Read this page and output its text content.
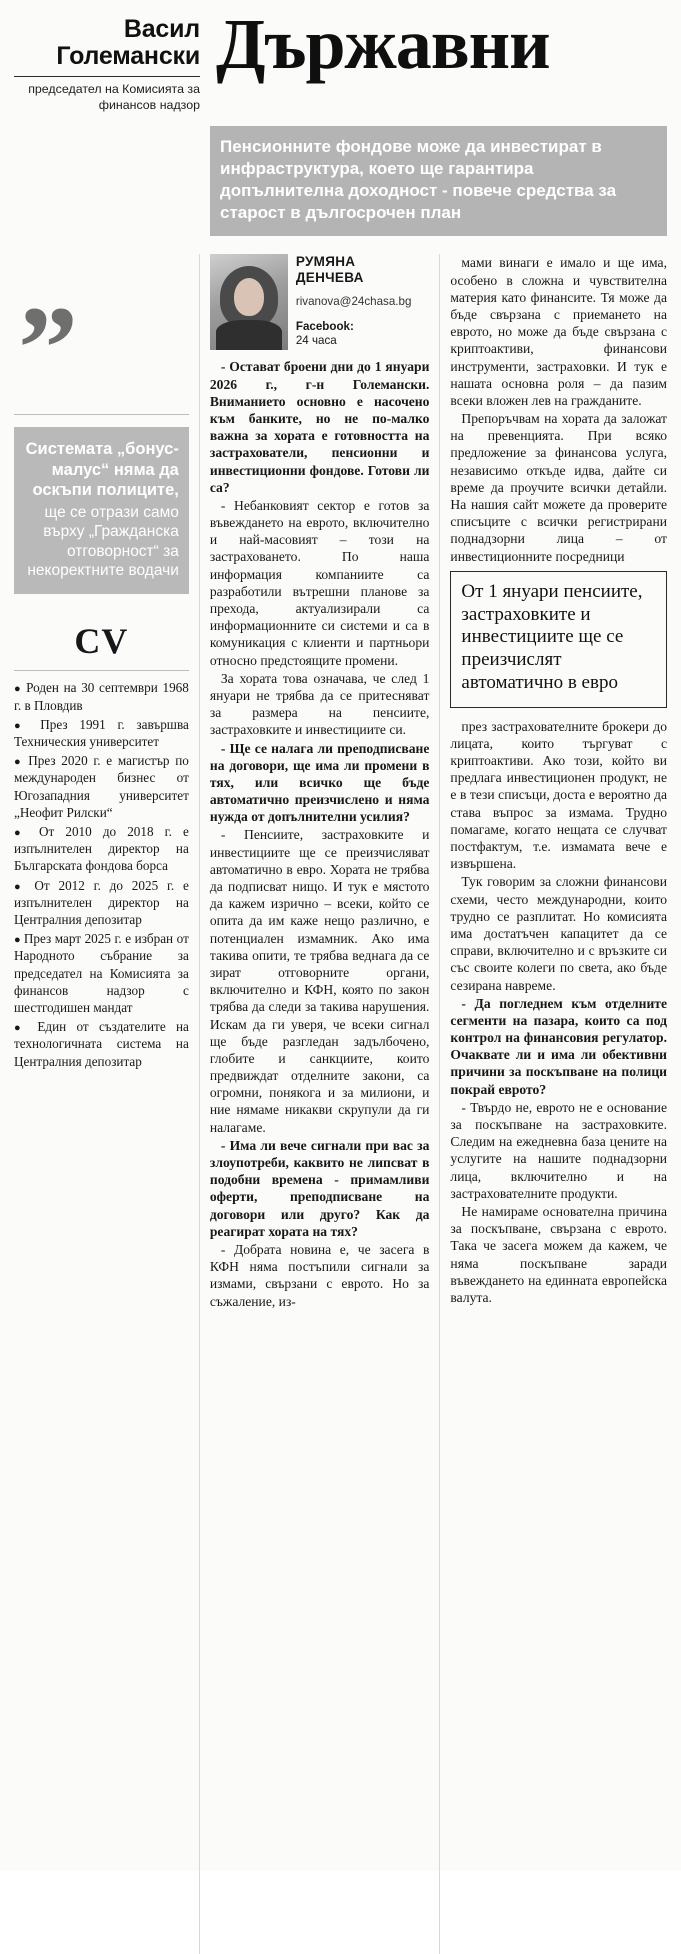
Васил
Големански
председател на Комисията за финансов надзор
Държавни
Пенсионните фондове може да инвестират в инфраструктура, което ще гарантира допълнителна доходност - повече средства за старост в дългосрочен план
”
Системата „бонус-малус“ няма да оскъпи полиците,
ще се отрази само върху „Гражданска отговорност“ за некоректните водачи
CV
● Роден на 30 септември 1968 г. в Пловдив
● През 1991 г. завършва Техническия университет
● През 2020 г. е магистър по международен бизнес от Югозападния университет „Неофит Рилски“
● От 2010 до 2018 г. е изпълнителен директор на Българската фондова борса
● От 2012 г. до 2025 г. е изпълнителен директор на Централния депозитар
● През март 2025 г. е избран от Народното събрание за председател на Комисията за финансов надзор с шестгодишен мандат
● Един от създателите на технологичната система на Централния депозитар
РУМЯНА
ДЕНЧЕВА
rivanova@24chasa.bg
Facebook:
24 часа

- Остават броени дни до 1 януари 2026 г., г-н Големански. Вниманието основно е насочено към банките, но не по-малко важна за хората е готовността на застрахователи, пенсионни и инвестиционни фондове. Готови ли са?

- Небанковият сектор е готов за въвеждането на еврото, включително и най-масовият – този на застраховането. По наша информация компаниите са разработили вътрешни планове за прехода, актуализирали са информационните си системи и са в комуникация с клиенти и партньори относно предстоящите промени.

За хората това означава, че след 1 януари не трябва да се притесняват за размера на пенсиите, застраховките и инвестициите си.

- Ще се налага ли преподписване на договори, ще има ли промени в тях, или всичко ще бъде автоматично преизчислено и няма нужда от допълнителни усилия?

- Пенсиите, застраховките и инвестициите ще се преизчисляват автоматично в евро. Хората не трябва да подписват нищо. И тук е мястото да кажем изрично – всеки, който се опита да им каже нещо различно, е потенциален измамник. Ако има такива опити, те трябва веднага да се зират отговорните органи, включително и КФН, която по закон трябва да следи за такива нарушения. Искам да ги уверя, че всеки сигнал ще бъде разгледан задълбочено, глобите и санкциите, които предвиждат отделните закони, са огромни, понякога и за милиони, и ние нямаме никакви скрупули да ги налагаме.

- Има ли вече сигнали при вас за злоупотреби, каквито не липсват в подобни времена - примамливи оферти, преподписване на договори или друго? Как да реагират хората на тях?

- Добрата новина е, че засега в КФН няма постъпили сигнали за измами, свързани с еврото. Но за съжаление, из-

мами винаги е имало и ще има, особено в сложна и чувствителна материя като финансите. Тя може да бъде свързана с приемането на еврото, но може да бъде свързана с криптоактиви, финансови инструменти, застраховки. И тук е нашата основна роля – да пазим всеки вложен лев на гражданите.

Препоръчвам на хората да заложат на превенцията. При всяко предложение за финансова услуга, независимо откъде идва, дайте си време да проучите всички детайли. На нашия сайт можете да проверите списъците с всички регистрирани поднадзорни лица – от инвестиционните посредници

От 1 януари пенсиите, застраховките и инвестициите ще се преизчислят автоматично в евро

през застрахователните брокери до лицата, които търгуват с криптоактиви. Ако този, който ви предлага инвестиционен продукт, не е в тези списъци, доста е вероятно да става въпрос за измама. Трудно помагаме, когато нещата се случват постфактум, т.е. измамата вече е извършена.

Тук говорим за сложни финансови схеми, често международни, които трудно се разплитат. Но комисията има достатъчен капацитет да се справи, включително и с връзките си със своите колеги по света, ако бъде сезирана навреме.

- Да погледнем към отделните сегменти на пазара, които са под контрол на финансовия регулатор. Очаквате ли и има ли обективни причини за поскъпване на полици покрай еврото?

- Твърдо не, еврото не е основание за поскъпване на застраховките. Следим на ежедневна база цените на услугите на нашите поднадзорни лица, включително и на застрахователните продукти.

Не намираме основателна причина за поскъпване, свързана с еврото. Така че засега можем да кажем, че няма поскъпване заради въвеждането на единната европейска валута.
